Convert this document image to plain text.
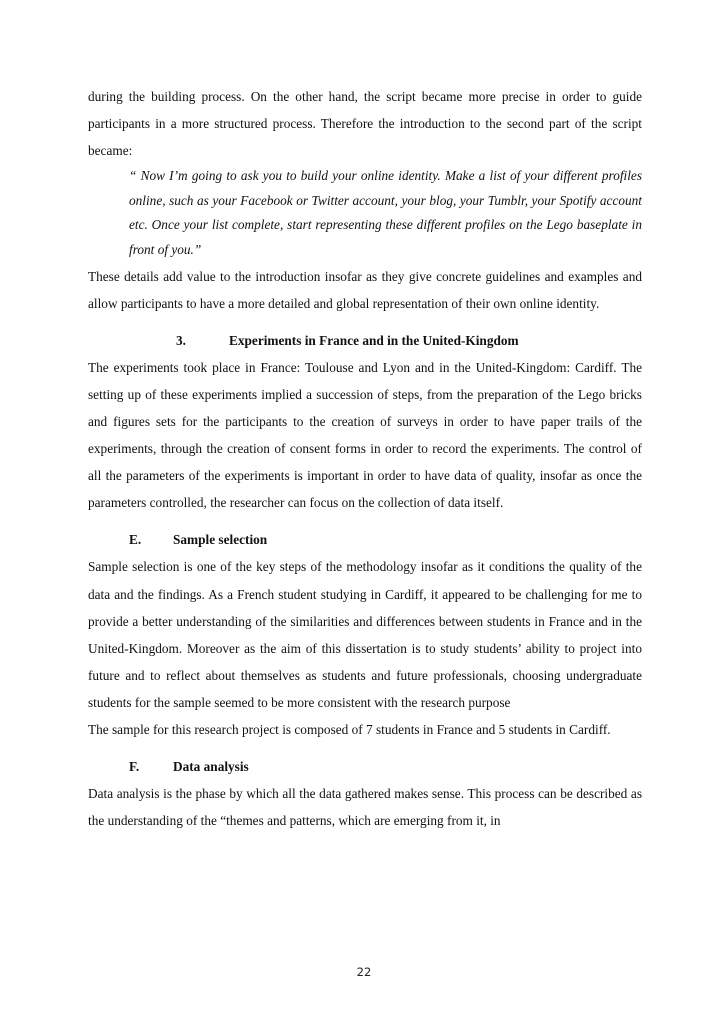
during the building process. On the other hand, the script became more precise in order to guide participants in a more structured process. Therefore the introduction to the second part of the script became:

“ Now I’m going to ask you to build your online identity. Make a list of your different profiles online, such as your Facebook or Twitter account, your blog, your Tumblr, your Spotify account etc. Once your list complete, start representing these different profiles on the Lego baseplate in front of you.”

These details add value to the introduction insofar as they give concrete guidelines and examples and allow participants to have a more detailed and global representation of their own online identity.

3.	Experiments in France and in the United-Kingdom

The experiments took place in France: Toulouse and Lyon and in the United-Kingdom: Cardiff. The setting up of these experiments implied a succession of steps, from the preparation of the Lego bricks and figures sets for the participants to the creation of surveys in order to have paper trails of the experiments, through the creation of consent forms in order to record the experiments. The control of all the parameters of the experiments is important in order to have data of quality, insofar as once the parameters controlled, the researcher can focus on the collection of data itself.

E.	Sample selection

Sample selection is one of the key steps of the methodology insofar as it conditions the quality of the data and the findings. As a French student studying in Cardiff, it appeared to be challenging for me to provide a better understanding of the similarities and differences between students in France and in the United-Kingdom. Moreover as the aim of this dissertation is to study students’ ability to project into future and to reflect about themselves as students and future professionals, choosing undergraduate students for the sample seemed to be more consistent with the research purpose

The sample for this research project is composed of 7 students in France and 5 students in Cardiff.

F.	Data analysis

Data analysis is the phase by which all the data gathered makes sense. This process can be described as the understanding of the “themes and patterns, which are emerging from it, in

22
